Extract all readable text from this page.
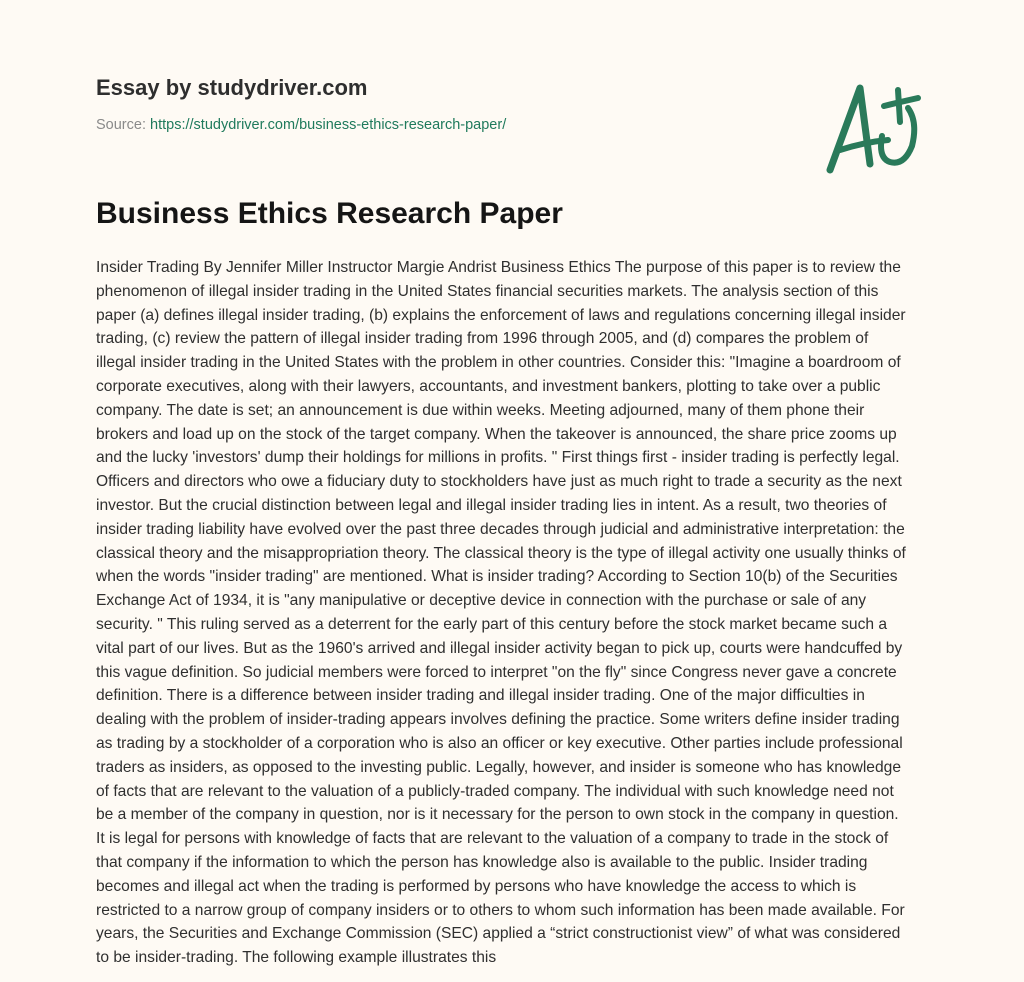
Essay by studydriver.com
Source: https://studydriver.com/business-ethics-research-paper/
Business Ethics Research Paper

Insider Trading By Jennifer Miller Instructor Margie Andrist Business Ethics The purpose of this paper is to review the
phenomenon of illegal insider trading in the United States financial securities markets. The analysis section of this
paper (a) defines illegal insider trading, (b) explains the enforcement of laws and regulations concerning illegal insider
trading, (c) review the pattern of illegal insider trading from 1996 through 2005, and (d) compares the problem of
illegal insider trading in the United States with the problem in other countries. Consider this: "Imagine a boardroom of
corporate executives, along with their lawyers, accountants, and investment bankers, plotting to take over a public
company. The date is set; an announcement is due within weeks. Meeting adjourned, many of them phone their
brokers and load up on the stock of the target company. When the takeover is announced, the share price zooms up
and the lucky 'investors' dump their holdings for millions in profits. " First things first - insider trading is perfectly legal.
Officers and directors who owe a fiduciary duty to stockholders have just as much right to trade a security as the next
investor. But the crucial distinction between legal and illegal insider trading lies in intent. As a result, two theories of
insider trading liability have evolved over the past three decades through judicial and administrative interpretation: the
classical theory and the misappropriation theory. The classical theory is the type of illegal activity one usually thinks of
when the words "insider trading" are mentioned. What is insider trading? According to Section 10(b) of the Securities
Exchange Act of 1934, it is "any manipulative or deceptive device in connection with the purchase or sale of any
security. " This ruling served as a deterrent for the early part of this century before the stock market became such a
vital part of our lives. But as the 1960's arrived and illegal insider activity began to pick up, courts were handcuffed by
this vague definition. So judicial members were forced to interpret "on the fly" since Congress never gave a concrete
definition. There is a difference between insider trading and illegal insider trading. One of the major difficulties in
dealing with the problem of insider-trading appears involves defining the practice. Some writers define insider trading
as trading by a stockholder of a corporation who is also an officer or key executive. Other parties include professional
traders as insiders, as opposed to the investing public. Legally, however, and insider is someone who has knowledge
of facts that are relevant to the valuation of a publicly-traded company. The individual with such knowledge need not
be a member of the company in question, nor is it necessary for the person to own stock in the company in question.
It is legal for persons with knowledge of facts that are relevant to the valuation of a company to trade in the stock of
that company if the information to which the person has knowledge also is available to the public. Insider trading
becomes and illegal act when the trading is performed by persons who have knowledge the access to which is
restricted to a narrow group of company insiders or to others to whom such information has been made available. For
years, the Securities and Exchange Commission (SEC) applied a “strict constructionist view” of what was considered
to be insider-trading. The following example illustrates this
